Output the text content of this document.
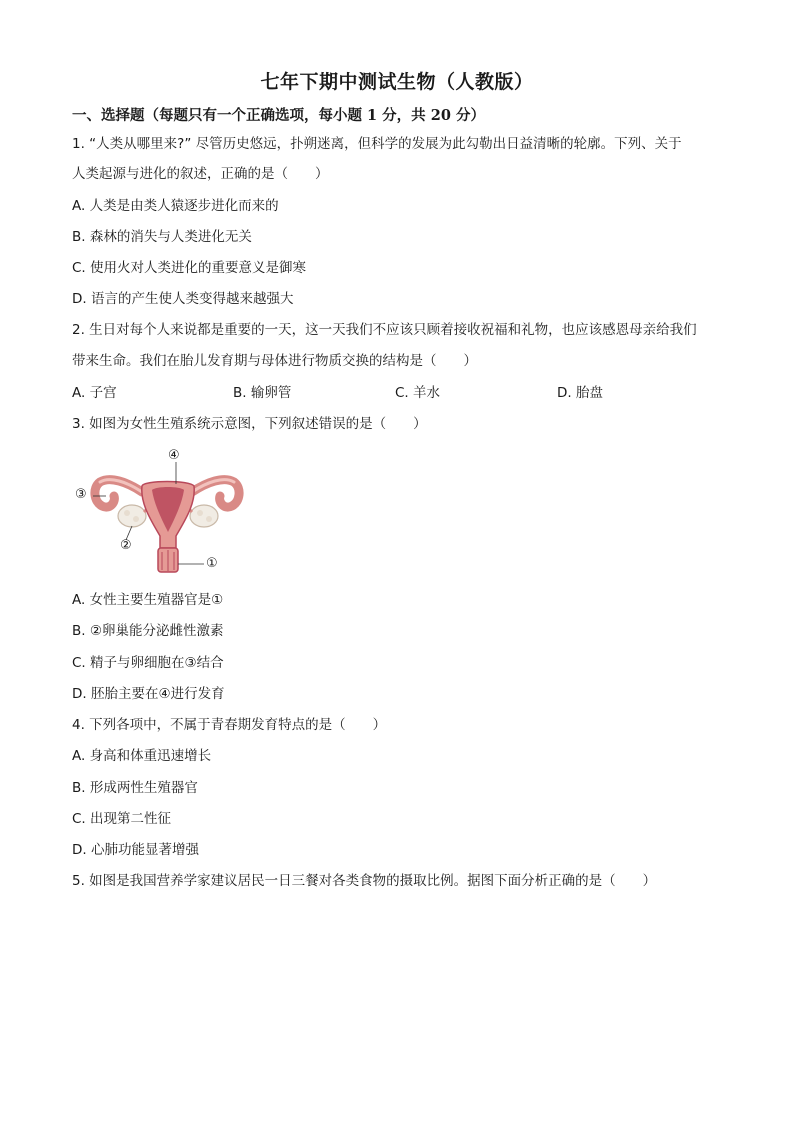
七年下期中测试生物（人教版）
一、选择题（每题只有一个正确选项，每小题 1 分，共 20 分）
1. “人类从哪里来?” 尽管历史悠远，扑朔迷离，但科学的发展为此勾勒出日益清晰的轮廓。下列、关于
人类起源与进化的叙述，正确的是（　　）
A. 人类是由类人猿逐步进化而来的
B. 森林的消失与人类进化无关
C. 使用火对人类进化的重要意义是御寒
D. 语言的产生使人类变得越来越强大
2. 生日对每个人来说都是重要的一天，这一天我们不应该只顾着接收祝福和礼物，也应该感恩母亲给我们
带来生命。我们在胎儿发育期与母体进行物质交换的结构是（　　）
A. 子宫	B. 输卵管	C. 羊水	D. 胎盘
3. 如图为女性生殖系统示意图，下列叙述错误的是（　　）
④
③
②
①
A. 女性主要生殖器官是①
B. ②卵巢能分泌雌性激素
C. 精子与卵细胞在③结合
D. 胚胎主要在④进行发育
4. 下列各项中，不属于青春期发育特点的是（　　）
A. 身高和体重迅速增长
B. 形成两性生殖器官
C. 出现第二性征
D. 心肺功能显著增强
5. 如图是我国营养学家建议居民一日三餐对各类食物的摄取比例。据图下面分析正确的是（　　）
